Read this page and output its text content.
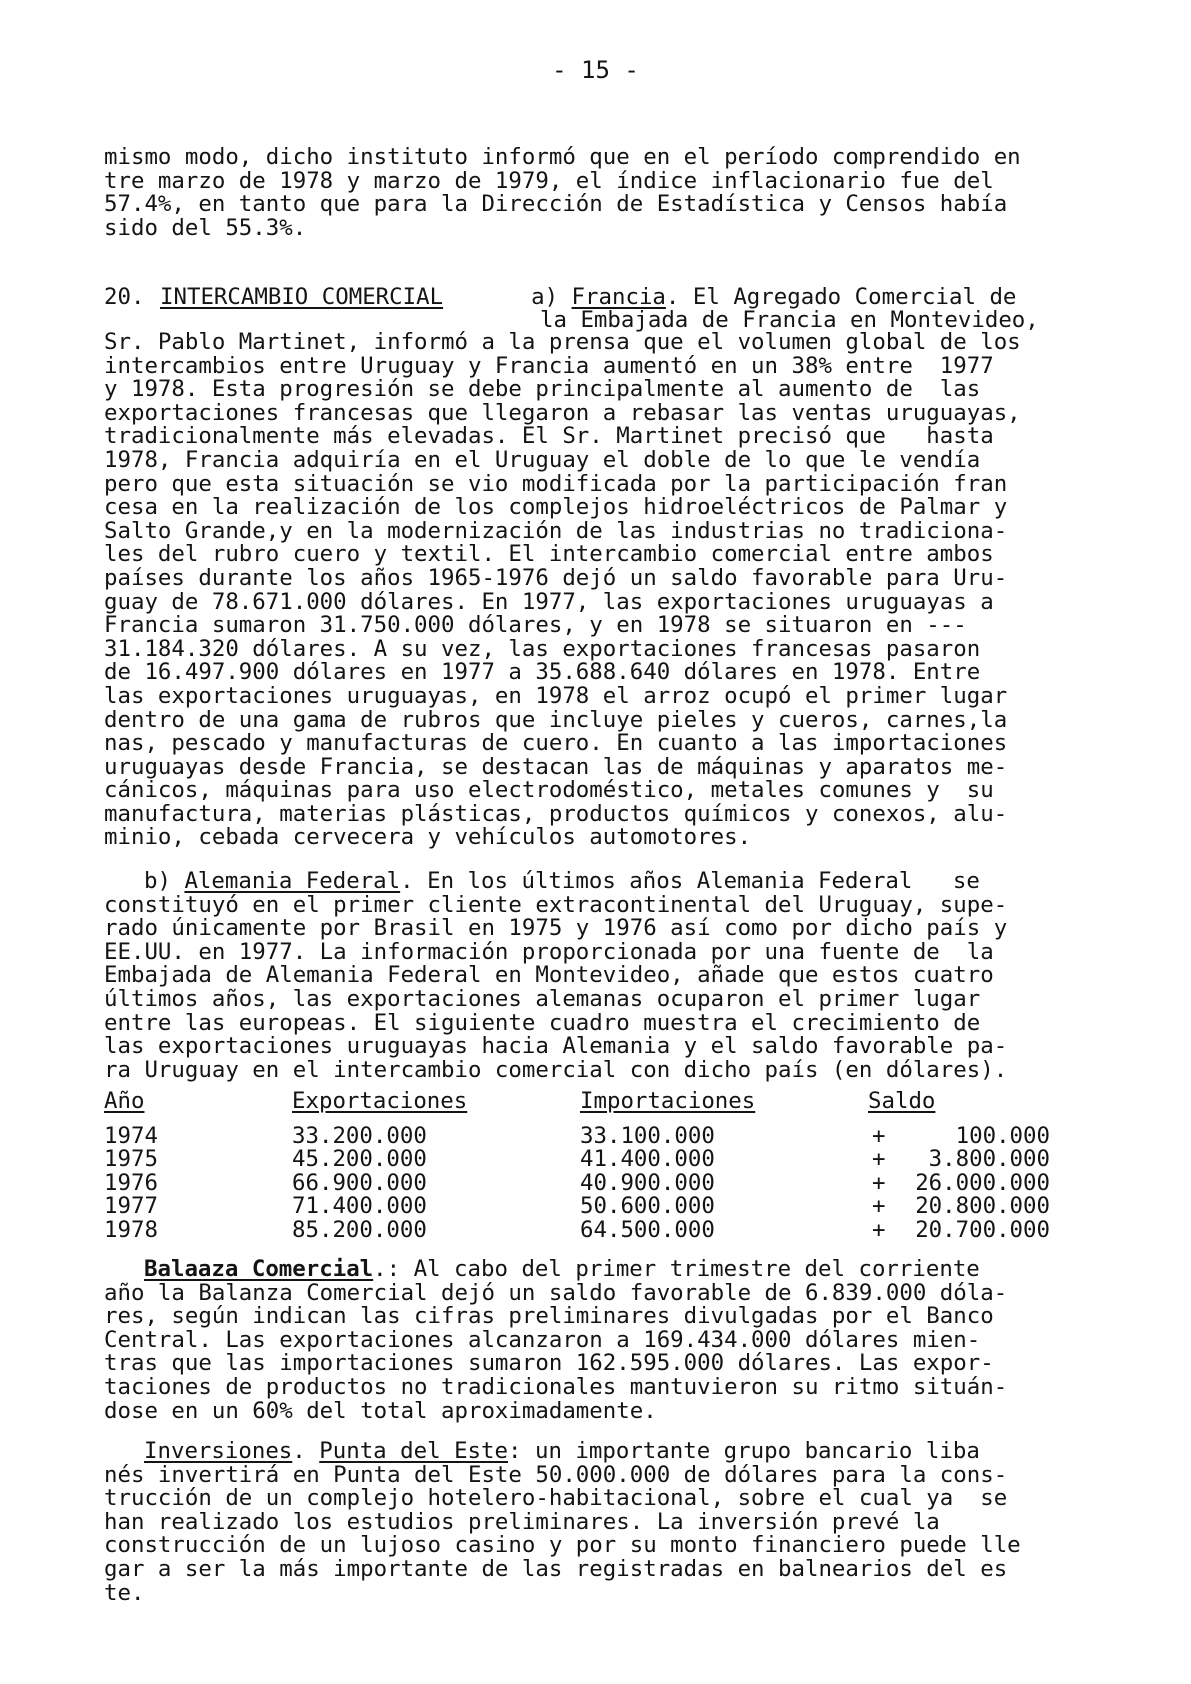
- 15 -
mismo modo, dicho instituto informó que en el período comprendido en
tre marzo de 1978 y marzo de 1979, el índice inflacionario fue del
57.4%, en tanto que para la Dirección de Estadística y Censos había
sido del 55.3%.
20. INTERCAMBIO COMERCIAL	a) Francia. El Agregado Comercial de
la Embajada de Francia en Montevideo,
Sr. Pablo Martinet, informó a la prensa que el volumen global de los
intercambios entre Uruguay y Francia aumentó en un 38% entre  1977
y 1978. Esta progresión se debe principalmente al aumento de  las
exportaciones francesas que llegaron a rebasar las ventas uruguayas,
tradicionalmente más elevadas. El Sr. Martinet precisó que   hasta
1978, Francia adquiría en el Uruguay el doble de lo que le vendía
pero que esta situación se vio modificada por la participación fran
cesa en la realización de los complejos hidroeléctricos de Palmar y
Salto Grande,y en la modernización de las industrias no tradiciona-
les del rubro cuero y textil. El intercambio comercial entre ambos
países durante los años 1965-1976 dejó un saldo favorable para Uru-
guay de 78.671.000 dólares. En 1977, las exportaciones uruguayas a
Francia sumaron 31.750.000 dólares, y en 1978 se situaron en ---
31.184.320 dólares. A su vez, las exportaciones francesas pasaron
de 16.497.900 dólares en 1977 a 35.688.640 dólares en 1978. Entre
las exportaciones uruguayas, en 1978 el arroz ocupó el primer lugar
dentro de una gama de rubros que incluye pieles y cueros, carnes,la
nas, pescado y manufacturas de cuero. En cuanto a las importaciones
uruguayas desde Francia, se destacan las de máquinas y aparatos me-
cánicos, máquinas para uso electrodoméstico, metales comunes y  su
manufactura, materias plásticas, productos químicos y conexos, alu-
minio, cebada cervecera y vehículos automotores.
b) Alemania Federal. En los últimos años Alemania Federal   se
constituyó en el primer cliente extracontinental del Uruguay, supe-
rado únicamente por Brasil en 1975 y 1976 así como por dicho país y
EE.UU. en 1977. La información proporcionada por una fuente de  la
Embajada de Alemania Federal en Montevideo, añade que estos cuatro
últimos años, las exportaciones alemanas ocuparon el primer lugar
entre las europeas. El siguiente cuadro muestra el crecimiento de
las exportaciones uruguayas hacia Alemania y el saldo favorable pa-
ra Uruguay en el intercambio comercial con dicho país (en dólares).
Año	Exportaciones	Importaciones	Saldo
1974	33.200.000	33.100.000	+ 100.000
1975	45.200.000	41.400.000	+ 3.800.000
1976	66.900.000	40.900.000	+ 26.000.000
1977	71.400.000	50.600.000	+ 20.800.000
1978	85.200.000	64.500.000	+ 20.700.000
Balaaza Comercial.: Al cabo del primer trimestre del corriente
año la Balanza Comercial dejó un saldo favorable de 6.839.000 dóla-
res, según indican las cifras preliminares divulgadas por el Banco
Central. Las exportaciones alcanzaron a 169.434.000 dólares mien-
tras que las importaciones sumaron 162.595.000 dólares. Las expor-
taciones de productos no tradicionales mantuvieron su ritmo situán-
dose en un 60% del total aproximadamente.
Inversiones. Punta del Este: un importante grupo bancario liba
nés invertirá en Punta del Este 50.000.000 de dólares para la cons-
trucción de un complejo hotelero-habitacional, sobre el cual ya  se
han realizado los estudios preliminares. La inversión prevé la
construcción de un lujoso casino y por su monto financiero puede lle
gar a ser la más importante de las registradas en balnearios del es
te.
